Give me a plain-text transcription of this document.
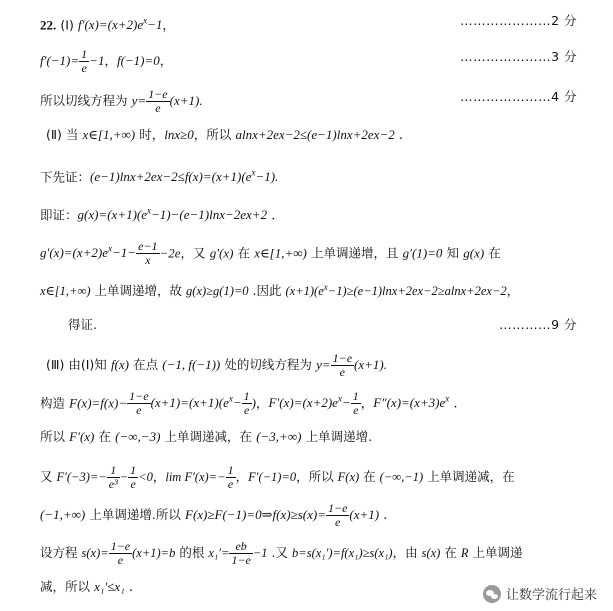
22. (Ⅰ) $f'(x)=(x+2)e^x-1$，	…………………2 分
$f'(-1)= \frac{1}{e} -1$，f(−1)=0，	…………………3 分
所以切线方程为 $y= \frac{1-e}{e} (x+1)$.	…………………4 分
(Ⅱ) 当 x∈[1,+∞) 时，lnx≥0，所以 alnx+2ex−2≤(e−1)lnx+2ex−2 .
下先证：$(e-1)\ln x+2ex-2\le f(x)=(x+1)(e^x-1)$.
即证：$g(x)=(x+1)(e^x-1)-(e-1)\ln x-2ex+2$ .
$g'(x)=(x+2)e^x-1- \frac{e-1}{x} -2e$，又 g′(x) 在 x∈[1,+∞) 上单调递增，且 g′(1)=0 知 g(x) 在
x∈[1,+∞) 上单调递增，故 g(x)≥g(1)=0 .因此 $(x+1)(e^x-1)\ge(e-1)\ln x+2ex-2\ge alnx+2ex-2$，
得证.	…………9 分
(Ⅲ) 由(Ⅰ)知 f(x) 在点 (−1, f(−1)) 处的切线方程为 $y= \frac{1-e}{e} (x+1)$.
构造 $F(x)=f(x)- \frac{1-e}{e} (x+1)=(x+1)(e^x- \frac{1}{e}$ )，$F'(x)=(x+2)e^x- \frac{1}{e}$ ，$F''(x)=(x+3)e^x$ .
所以 F′(x) 在 (−∞,−3) 上单调递减，在 (−3,+∞) 上单调递增.
又 $F'(-3)=- \frac{1}{\text{e³}} - \frac{1}{e} <0$，$\lim F'(x)=- \frac{1}{e}$ ，F′(−1)=0，所以 F(x) 在 (−∞,−1) 上单调递减，在
(−1,+∞) 上单调递增.所以 F(x)≥F(−1)=0⇒f(x)≥s(x)= $\frac{1-e}{e} (x+1)$ .
设方程 $s(x)= \frac{1-e}{e} (x+1)=b$ 的根 $x_1'= \frac{eb}{1-e} -1$ .又 b=s(x₁′)=f(x₁)≥s(x₁)，由 s(x) 在 R 上单调递
减，所以 x₁′≤x₁ .
让数学流行起来
